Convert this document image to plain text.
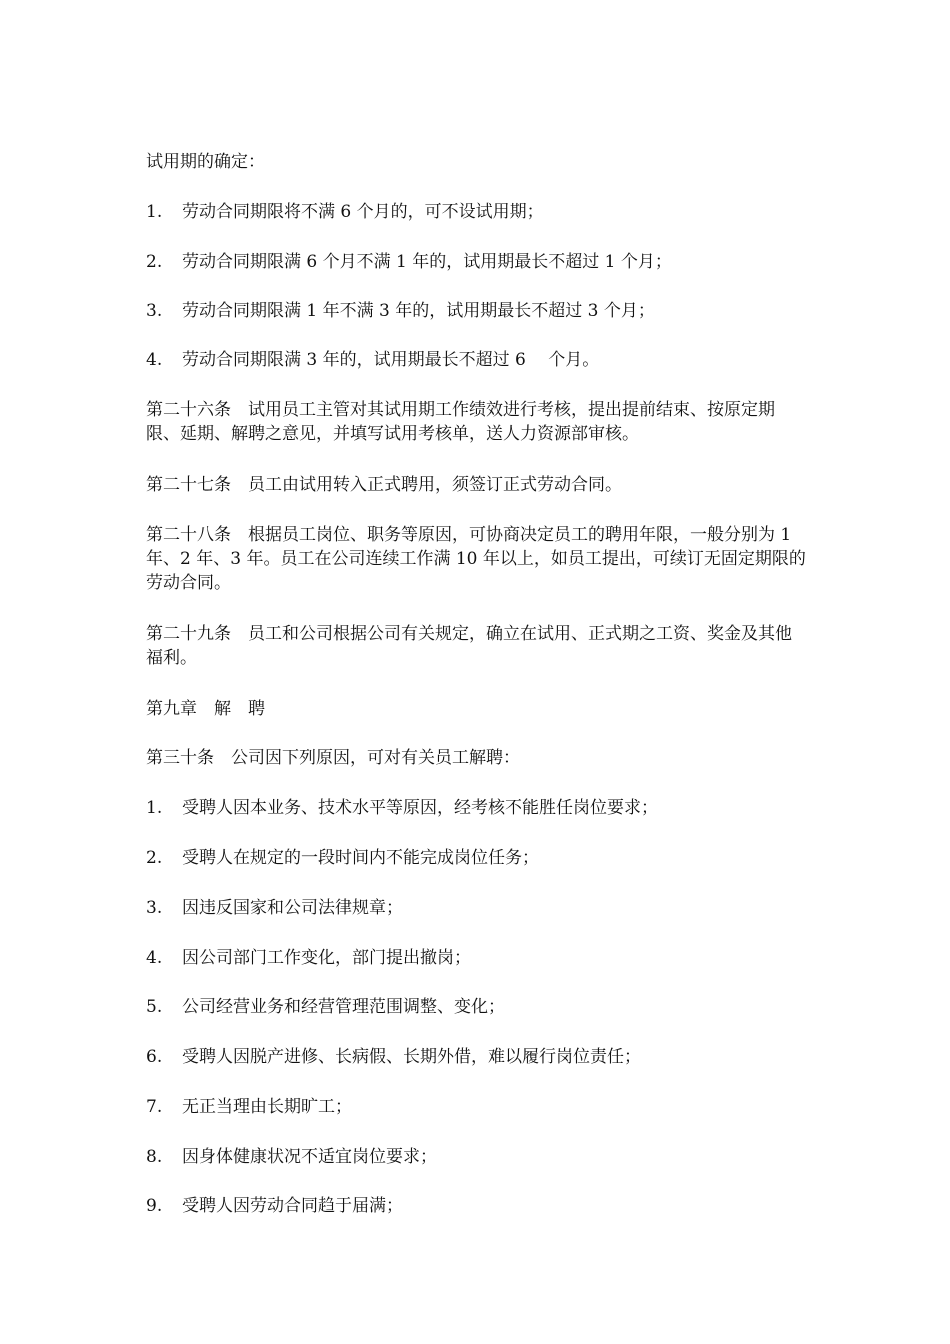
试用期的确定：

1. 劳动合同期限将不满 6 个月的，可不设试用期；
2. 劳动合同期限满 6 个月不满 1 年的，试用期最长不超过 1 个月；
3. 劳动合同期限满 1 年不满 3 年的，试用期最长不超过 3 个月；
4. 劳动合同期限满 3 年的，试用期最长不超过 6　 个月。

第二十六条　试用员工主管对其试用期工作绩效进行考核，提出提前结束、按原定期限、延期、解聘之意见，并填写试用考核单，送人力资源部审核。

第二十七条　员工由试用转入正式聘用，须签订正式劳动合同。

第二十八条　根据员工岗位、职务等原因，可协商决定员工的聘用年限，一般分别为 1 年、2 年、3 年。员工在公司连续工作满 10 年以上，如员工提出，可续订无固定期限的劳动合同。

第二十九条　员工和公司根据公司有关规定，确立在试用、正式期之工资、奖金及其他福利。

第九章　解　聘

第三十条　公司因下列原因，可对有关员工解聘：

1. 受聘人因本业务、技术水平等原因，经考核不能胜任岗位要求；
2. 受聘人在规定的一段时间内不能完成岗位任务；
3. 因违反国家和公司法律规章；
4. 因公司部门工作变化，部门提出撤岗；
5. 公司经营业务和经营管理范围调整、变化；
6. 受聘人因脱产进修、长病假、长期外借，难以履行岗位责任；
7. 无正当理由长期旷工；
8. 因身体健康状况不适宜岗位要求；
9. 受聘人因劳动合同趋于届满；
